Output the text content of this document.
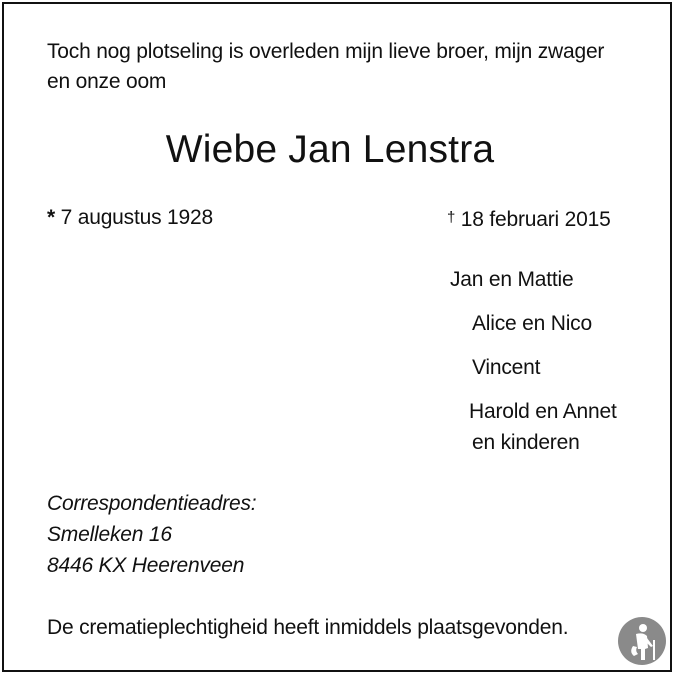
Toch nog plotseling is overleden mijn lieve broer, mijn zwager
en onze oom
Wiebe Jan Lenstra
* 7 augustus 1928	† 18 februari 2015
Jan en Mattie
Alice en Nico
Vincent
Harold en Annet
en kinderen
Correspondentieadres:
Smelleken 16
8446 KX Heerenveen
De crematieplechtigheid heeft inmiddels plaatsgevonden.
